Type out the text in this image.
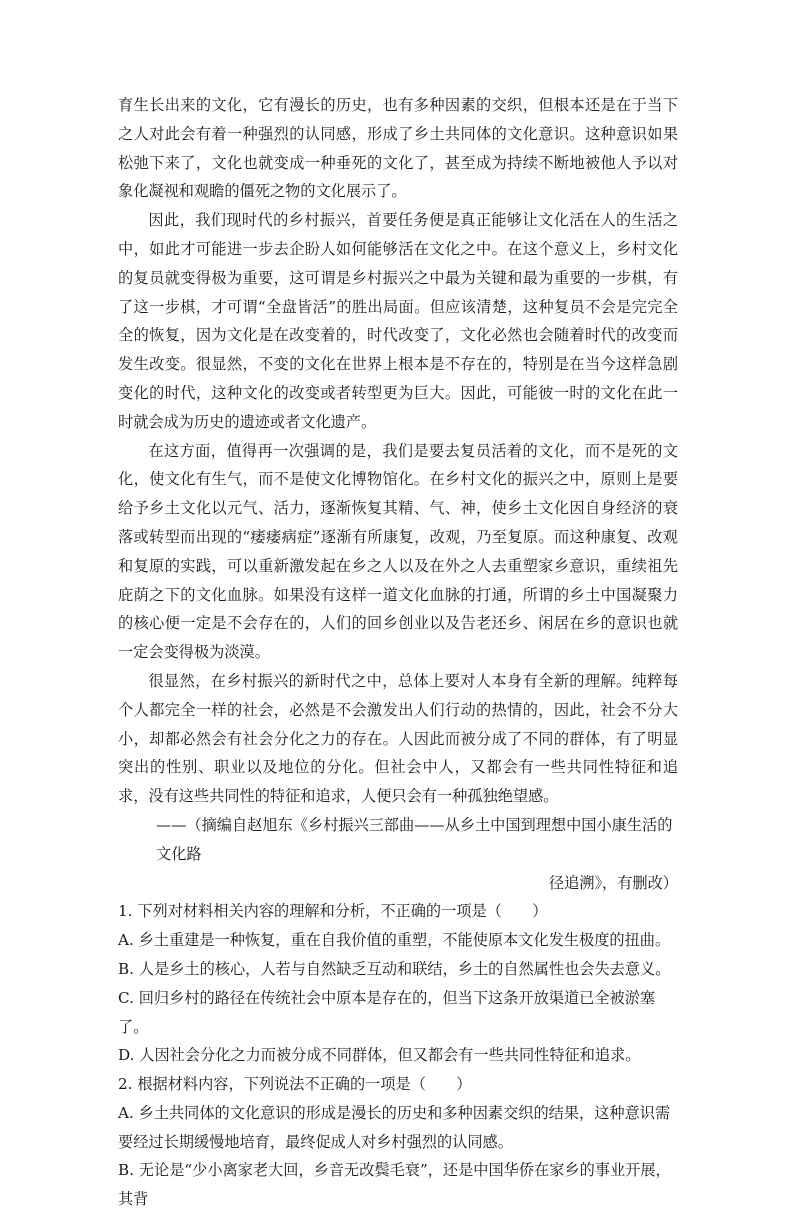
育生长出来的文化，它有漫长的历史，也有多种因素的交织，但根本还是在于当下之人对此会有着一种强烈的认同感，形成了乡土共同体的文化意识。这种意识如果松弛下来了，文化也就变成一种垂死的文化了，甚至成为持续不断地被他人予以对象化凝视和观瞻的僵死之物的文化展示了。

因此，我们现时代的乡村振兴，首要任务便是真正能够让文化活在人的生活之中，如此才可能进一步去企盼人如何能够活在文化之中。在这个意义上，乡村文化的复员就变得极为重要，这可谓是乡村振兴之中最为关键和最为重要的一步棋，有了这一步棋，才可谓“全盘皆活”的胜出局面。但应该清楚，这种复员不会是完完全全的恢复，因为文化是在改变着的，时代改变了，文化必然也会随着时代的改变而发生改变。很显然，不变的文化在世界上根本是不存在的，特别是在当今这样急剧变化的时代，这种文化的改变或者转型更为巨大。因此，可能彼一时的文化在此一时就会成为历史的遗迹或者文化遗产。

在这方面，值得再一次强调的是，我们是要去复员活着的文化，而不是死的文化，使文化有生气，而不是使文化博物馆化。在乡村文化的振兴之中，原则上是要给予乡土文化以元气、活力，逐渐恢复其精、气、神，使乡土文化因自身经济的衰落或转型而出现的“痿痿病症”逐渐有所康复，改观，乃至复原。而这种康复、改观和复原的实践，可以重新激发起在乡之人以及在外之人去重塑家乡意识，重续祖先庇荫之下的文化血脉。如果没有这样一道文化血脉的打通，所谓的乡土中国凝聚力的核心便一定是不会存在的，人们的回乡创业以及告老还乡、闲居在乡的意识也就一定会变得极为淡漠。

很显然，在乡村振兴的新时代之中，总体上要对人本身有全新的理解。纯粹每个人都完全一样的社会，必然是不会激发出人们行动的热情的，因此，社会不分大小，却都必然会有社会分化之力的存在。人因此而被分成了不同的群体，有了明显突出的性别、职业以及地位的分化。但社会中人，又都会有一些共同性特征和追求，没有这些共同性的特征和追求，人便只会有一种孤独绝望感。

——（摘编自赵旭东《乡村振兴三部曲——从乡土中国到理想中国小康生活的文化路
径追溯》，有删改）

1. 下列对材料相关内容的理解和分析，不正确的一项是（　　）

A. 乡土重建是一种恢复，重在自我价值的重塑，不能使原本文化发生极度的扭曲。

B. 人是乡土的核心，人若与自然缺乏互动和联结，乡土的自然属性也会失去意义。

C. 回归乡村的路径在传统社会中原本是存在的，但当下这条开放渠道已全被淤塞了。

D. 人因社会分化之力而被分成不同群体，但又都会有一些共同性特征和追求。

2. 根据材料内容，下列说法不正确的一项是（　　）

A. 乡土共同体的文化意识的形成是漫长的历史和多种因素交织的结果，这种意识需要经过长期缓慢地培育，最终促成人对乡村强烈的认同感。

B. 无论是“少小离家老大回，乡音无改鬓毛衰”，还是中国华侨在家乡的事业开展，其背
